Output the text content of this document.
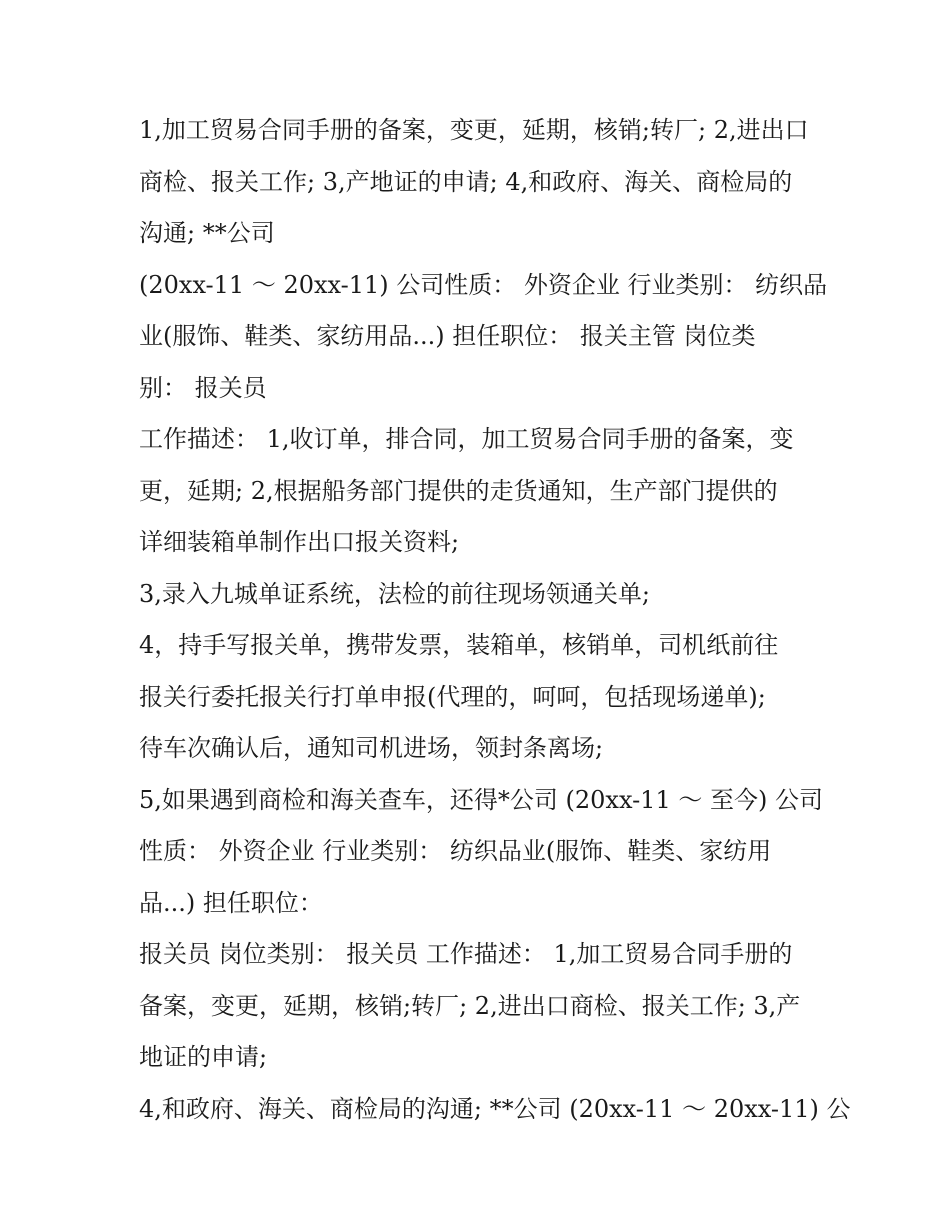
1,加工贸易合同手册的备案，变更，延期，核销;转厂; 2,进出口
商检、报关工作; 3,产地证的申请; 4,和政府、海关、商检局的
沟通; **公司
(20xx-11 ～ 20xx-11) 公司性质： 外资企业 行业类别： 纺织品
业(服饰、鞋类、家纺用品...) 担任职位： 报关主管 岗位类
别： 报关员
工作描述： 1,收订单，排合同，加工贸易合同手册的备案，变
更，延期; 2,根据船务部门提供的走货通知，生产部门提供的
详细装箱单制作出口报关资料;
3,录入九城单证系统，法检的前往现场领通关单;
4，持手写报关单，携带发票，装箱单，核销单，司机纸前往
报关行委托报关行打单申报(代理的，呵呵，包括现场递单);
待车次确认后，通知司机进场，领封条离场;
5,如果遇到商检和海关查车，还得*公司 (20xx-11 ～ 至今) 公司
性质： 外资企业 行业类别： 纺织品业(服饰、鞋类、家纺用
品...) 担任职位：
报关员 岗位类别： 报关员 工作描述： 1,加工贸易合同手册的
备案，变更，延期，核销;转厂; 2,进出口商检、报关工作; 3,产
地证的申请;
4,和政府、海关、商检局的沟通; **公司 (20xx-11 ～ 20xx-11) 公
